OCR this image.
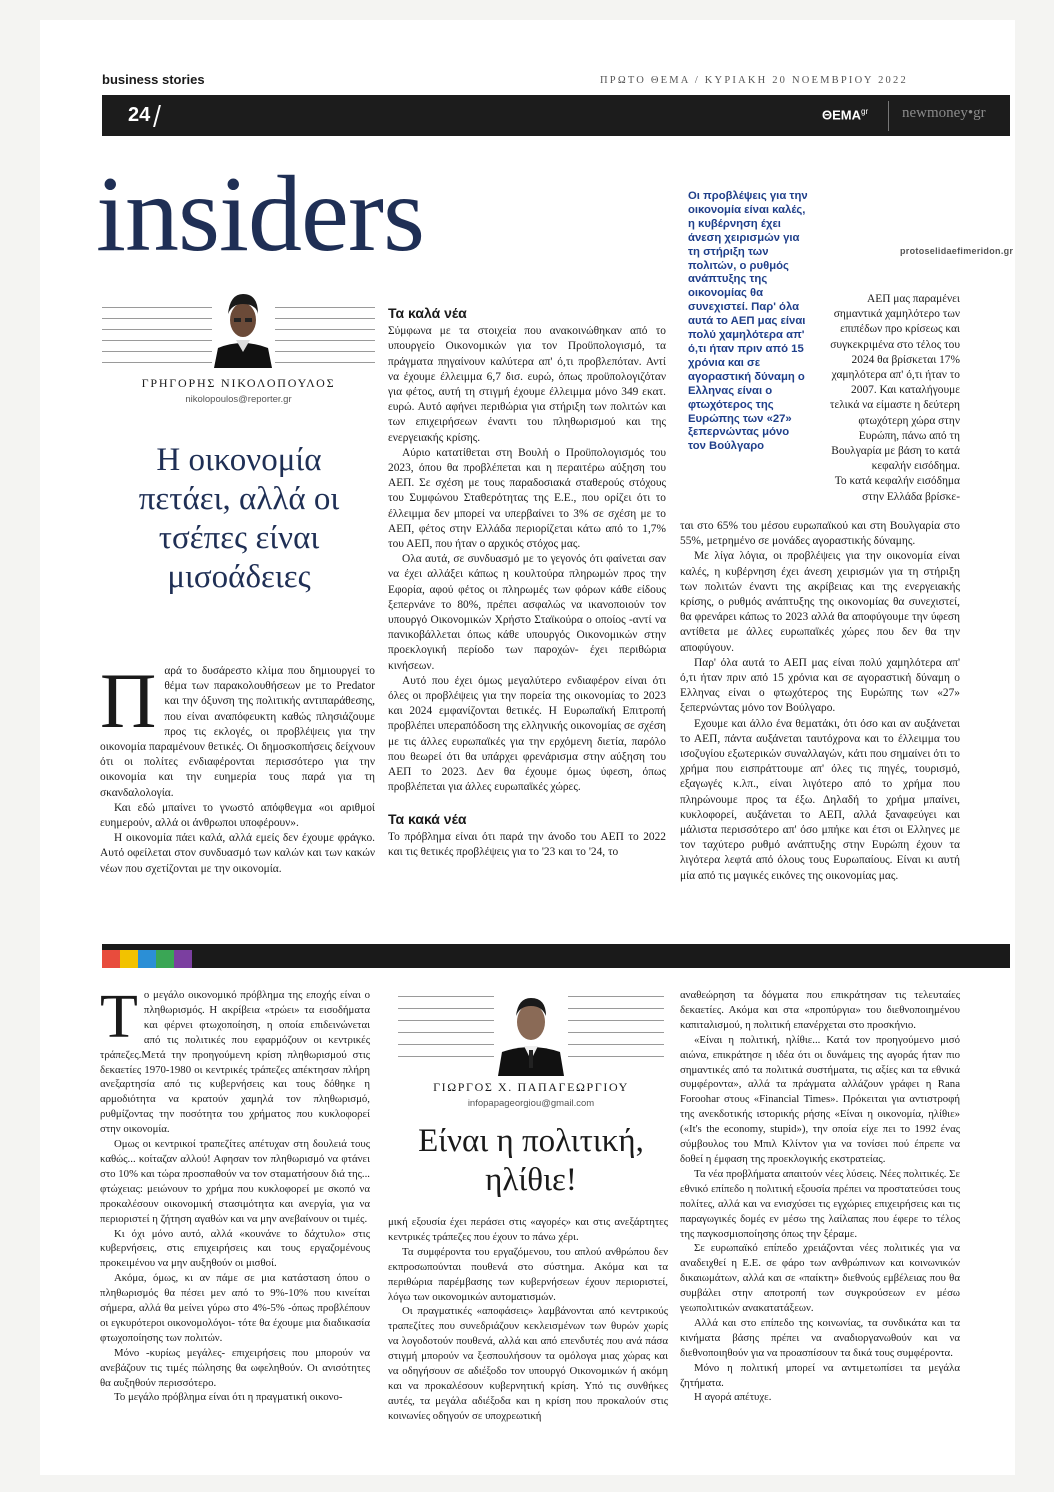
business stories	ΠΡΩΤΟ ΘΕΜΑ / ΚΥΡΙΑΚΗ 20 ΝΟΕΜΒΡΙΟΥ 2022
24	$\Theta EMA^{gr}$ newmoney•gr
protoselidaefimeridon.gr
insiders
ΓΡΗΓΟΡΗΣ ΝΙΚΟΛΟΠΟΥΛΟΣ
nikolopoulos@reporter.gr
Η οικονομία πετάει, αλλά οι τσέπες είναι μισοάδειες

Παρά το δυσάρεστο κλίμα που δημιουργεί το θέμα των παρακολουθήσεων με το Predator και την όξυνση της πολιτικής αντιπαράθεσης, που είναι αναπόφευκτη καθώς πλησιάζουμε προς τις εκλογές, οι προβλέψεις για την οικονομία παραμένουν θετικές. Οι δημοσκοπήσεις δείχνουν ότι οι πολίτες ενδιαφέρονται περισσότερο για την οικονομία και την ευημερία τους παρά για τη σκανδαλολογία.

Και εδώ μπαίνει το γνωστό απόφθεγμα «οι αριθμοί ευημερούν, αλλά οι άνθρωποι υποφέρουν».

Η οικονομία πάει καλά, αλλά εμείς δεν έχουμε φράγκο. Αυτό οφείλεται στον συνδυασμό των καλών και των κακών νέων που σχετίζονται με την οικονομία.

Τα καλά νέα

Σύμφωνα με τα στοιχεία που ανακοινώθηκαν από το υπουργείο Οικονομικών για τον Προϋπολογισμό, τα πράγματα πηγαίνουν καλύτερα απ' ό,τι προβλεπόταν. Αντί να έχουμε έλλειμμα 6,7 δισ. ευρώ, όπως προϋπολογιζόταν για φέτος, αυτή τη στιγμή έχουμε έλλειμμα μόνο 349 εκατ. ευρώ. Αυτό αφήνει περιθώρια για στήριξη των πολιτών και των επιχειρήσεων έναντι του πληθωρισμού και της ενεργειακής κρίσης.

Αύριο κατατίθεται στη Βουλή ο Προϋπολογισμός του 2023, όπου θα προβλέπεται και η περαιτέρω αύξηση του ΑΕΠ. Σε σχέση με τους παραδοσιακά σταθερούς στόχους του Συμφώνου Σταθερότητας της Ε.Ε., που ορίζει ότι το έλλειμμα δεν μπορεί να υπερβαίνει το 3% σε σχέση με το ΑΕΠ, φέτος στην Ελλάδα περιορίζεται κάτω από το 1,7% του ΑΕΠ, που ήταν ο αρχικός στόχος μας.

Ολα αυτά, σε συνδυασμό με το γεγονός ότι φαίνεται σαν να έχει αλλάξει κάπως η κουλτούρα πληρωμών προς την Εφορία, αφού φέτος οι πληρωμές των φόρων κάθε είδους ξεπερνάνε το 80%, πρέπει ασφαλώς να ικανοποιούν τον υπουργό Οικονομικών Χρήστο Σταϊκούρα ο οποίος -αντί να πανικοβάλλεται όπως κάθε υπουργός Οικονομικών στην προεκλογική περίοδο των παροχών- έχει περιθώρια κινήσεων.

Αυτό που έχει όμως μεγαλύτερο ενδιαφέρον είναι ότι όλες οι προβλέψεις για την πορεία της οικονομίας το 2023 και 2024 εμφανίζονται θετικές. Η Ευρωπαϊκή Επιτροπή προβλέπει υπεραπόδοση της ελληνικής οικονομίας σε σχέση με τις άλλες ευρωπαϊκές για την ερχόμενη διετία, παρόλο που θεωρεί ότι θα υπάρχει φρενάρισμα στην αύξηση του ΑΕΠ το 2023. Δεν θα έχουμε όμως ύφεση, όπως προβλέπεται για άλλες ευρωπαϊκές χώρες.

Τα κακά νέα

Το πρόβλημα είναι ότι παρά την άνοδο του ΑΕΠ το 2022 και τις θετικές προβλέψεις για το '23 και το '24, το

Οι προβλέψεις για την οικονομία είναι καλές, η κυβέρνηση έχει άνεση χειρισμών για τη στήριξη των πολιτών, ο ρυθμός ανάπτυξης της οικονομίας θα συνεχιστεί. Παρ' όλα αυτά το ΑΕΠ μας είναι πολύ χαμηλότερα απ' ό,τι ήταν πριν από 15 χρόνια και σε αγοραστική δύναμη ο Ελληνας είναι ο φτωχότερος της Ευρώπης των «27» ξεπερνώντας μόνο τον Βούλγαρο

ΑΕΠ μας παραμένει σημαντικά χαμηλότερο των επιπέδων προ κρίσεως και συγκεκριμένα στο τέλος του 2024 θα βρίσκεται 17% χαμηλότερα απ' ό,τι ήταν το 2007. Και καταλήγουμε τελικά να είμαστε η δεύτερη φτωχότερη χώρα στην Ευρώπη, πάνω από τη Βουλγαρία με βάση το κατά κεφαλήν εισόδημα.

Το κατά κεφαλήν εισόδημα στην Ελλάδα βρίσκε-

ται στο 65% του μέσου ευρωπαϊκού και στη Βουλγαρία στο 55%, μετρημένο σε μονάδες αγοραστικής δύναμης.

Με λίγα λόγια, οι προβλέψεις για την οικονομία είναι καλές, η κυβέρνηση έχει άνεση χειρισμών για τη στήριξη των πολιτών έναντι της ακρίβειας και της ενεργειακής κρίσης, ο ρυθμός ανάπτυξης της οικονομίας θα συνεχιστεί, θα φρενάρει κάπως το 2023 αλλά θα αποφύγουμε την ύφεση αντίθετα με άλλες ευρωπαϊκές χώρες που δεν θα την αποφύγουν.

Παρ' όλα αυτά το ΑΕΠ μας είναι πολύ χαμηλότερα απ' ό,τι ήταν πριν από 15 χρόνια και σε αγοραστική δύναμη ο Ελληνας είναι ο φτωχότερος της Ευρώπης των «27» ξεπερνώντας μόνο τον Βούλγαρο.

Εχουμε και άλλο ένα θεματάκι, ότι όσο και αν αυξάνεται το ΑΕΠ, πάντα αυξάνεται ταυτόχρονα και το έλλειμμα του ισοζυγίου εξωτερικών συναλλαγών, κάτι που σημαίνει ότι το χρήμα που εισπράττουμε απ' όλες τις πηγές, τουρισμό, εξαγωγές κ.λπ., είναι λιγότερο από το χρήμα που πληρώνουμε προς τα έξω. Δηλαδή το χρήμα μπαίνει, κυκλοφορεί, αυξάνεται το ΑΕΠ, αλλά ξαναφεύγει και μάλιστα περισσότερο απ' όσο μπήκε και έτσι οι Ελληνες με τον ταχύτερο ρυθμό ανάπτυξης στην Ευρώπη έχουν τα λιγότερα λεφτά από όλους τους Ευρωπαίους. Είναι κι αυτή μία από τις μαγικές εικόνες της οικονομίας μας.

Το μεγάλο οικονομικό πρόβλημα της εποχής είναι ο πληθωρισμός. Η ακρίβεια «τρώει» τα εισοδήματα και φέρνει φτωχοποίηση, η οποία επιδεινώνεται από τις πολιτικές που εφαρμόζουν οι κεντρικές τράπεζες.Μετά την προηγούμενη κρίση πληθωρισμού στις δεκαετίες 1970-1980 οι κεντρικές τράπεζες απέκτησαν πλήρη ανεξαρτησία από τις κυβερνήσεις και τους δόθηκε η αρμοδιότητα να κρατούν χαμηλά τον πληθωρισμό, ρυθμίζοντας την ποσότητα του χρήματος που κυκλοφορεί στην οικονομία.

Ομως οι κεντρικοί τραπεζίτες απέτυχαν στη δουλειά τους καθώς... κοίταζαν αλλού! Αφησαν τον πληθωρισμό να φτάνει στο 10% και τώρα προσπαθούν να τον σταματήσουν διά της... φτώχειας: μειώνουν το χρήμα που κυκλοφορεί με σκοπό να προκαλέσουν οικονομική στασιμότητα και ανεργία, για να περιοριστεί η ζήτηση αγαθών και να μην ανεβαίνουν οι τιμές.

Κι όχι μόνο αυτό, αλλά «κουνάνε το δάχτυλο» στις κυβερνήσεις, στις επιχειρήσεις και τους εργαζομένους προκειμένου να μην αυξηθούν οι μισθοί.

Ακόμα, όμως, κι αν πάμε σε μια κατάσταση όπου ο πληθωρισμός θα πέσει μεν από το 9%-10% που κινείται σήμερα, αλλά θα μείνει γύρω στο 4%-5% -όπως προβλέπουν οι εγκυρότεροι οικονομολόγοι- τότε θα έχουμε μια διαδικασία φτωχοποίησης των πολιτών.

Μόνο -κυρίως μεγάλες- επιχειρήσεις που μπορούν να ανεβάζουν τις τιμές πώλησης θα ωφεληθούν. Οι ανισότητες θα αυξηθούν περισσότερο.

Το μεγάλο πρόβλημα είναι ότι η πραγματική οικονο-

ΓΙΩΡΓΟΣ Χ. ΠΑΠΑΓΕΩΡΓΙΟΥ
infopapageorgiou@gmail.com
Είναι η πολιτική, ηλίθιε!

μική εξουσία έχει περάσει στις «αγορές» και στις ανεξάρτητες κεντρικές τράπεζες που έχουν το πάνω χέρι.

Τα συμφέροντα του εργαζόμενου, του απλού ανθρώπου δεν εκπροσωπούνται πουθενά στο σύστημα. Ακόμα και τα περιθώρια παρέμβασης των κυβερνήσεων έχουν περιοριστεί, λόγω των οικονομικών αυτοματισμών.

Οι πραγματικές «αποφάσεις» λαμβάνονται από κεντρικούς τραπεζίτες που συνεδριάζουν κεκλεισμένων των θυρών χωρίς να λογοδοτούν πουθενά, αλλά και από επενδυτές που ανά πάσα στιγμή μπορούν να ξεσπουλήσουν τα ομόλογα μιας χώρας και να οδηγήσουν σε αδιέξοδο τον υπουργό Οικονομικών ή ακόμη και να προκαλέσουν κυβερνητική κρίση. Υπό τις συνθήκες αυτές, τα μεγάλα αδιέξοδα και η κρίση που προκαλούν στις κοινωνίες οδηγούν σε υποχρεωτική

αναθεώρηση τα δόγματα που επικράτησαν τις τελευταίες δεκαετίες. Ακόμα και στα «προπύργια» του διεθνοποιημένου καπιταλισμού, η πολιτική επανέρχεται στο προσκήνιο.

«Είναι η πολιτική, ηλίθιε... Κατά τον προηγούμενο μισό αιώνα, επικράτησε η ιδέα ότι οι δυνάμεις της αγοράς ήταν πιο σημαντικές από τα πολιτικά συστήματα, τις αξίες και τα εθνικά συμφέροντα», αλλά τα πράγματα αλλάζουν γράφει η Rana Foroohar στους «Financial Times». Πρόκειται για αντιστροφή της ανεκδοτικής ιστορικής ρήσης «Είναι η οικονομία, ηλίθιε» («It's the economy, stupid»), την οποία είχε πει το 1992 ένας σύμβουλος του Μπιλ Κλίντον για να τονίσει πού έπρεπε να δοθεί η έμφαση της προεκλογικής εκστρατείας.

Τα νέα προβλήματα απαιτούν νέες λύσεις. Νέες πολιτικές. Σε εθνικό επίπεδο η πολιτική εξουσία πρέπει να προστατεύσει τους πολίτες, αλλά και να ενισχύσει τις εγχώριες επιχειρήσεις και τις παραγωγικές δομές εν μέσω της λαίλαπας που έφερε το τέλος της παγκοσμιοποίησης όπως την ξέραμε.

Σε ευρωπαϊκό επίπεδο χρειάζονται νέες πολιτικές για να αναδειχθεί η Ε.Ε. σε φάρο των ανθρώπινων και κοινωνικών δικαιωμάτων, αλλά και σε «παίκτη» διεθνούς εμβέλειας που θα συμβάλει στην αποτροπή των συγκρούσεων εν μέσω γεωπολιτικών ανακατατάξεων.

Αλλά και στο επίπεδο της κοινωνίας, τα συνδικάτα και τα κινήματα βάσης πρέπει να αναδιοργανωθούν και να διεθνοποιηθούν για να προασπίσουν τα δικά τους συμφέροντα.

Μόνο η πολιτική μπορεί να αντιμετωπίσει τα μεγάλα ζητήματα.

Η αγορά απέτυχε.
